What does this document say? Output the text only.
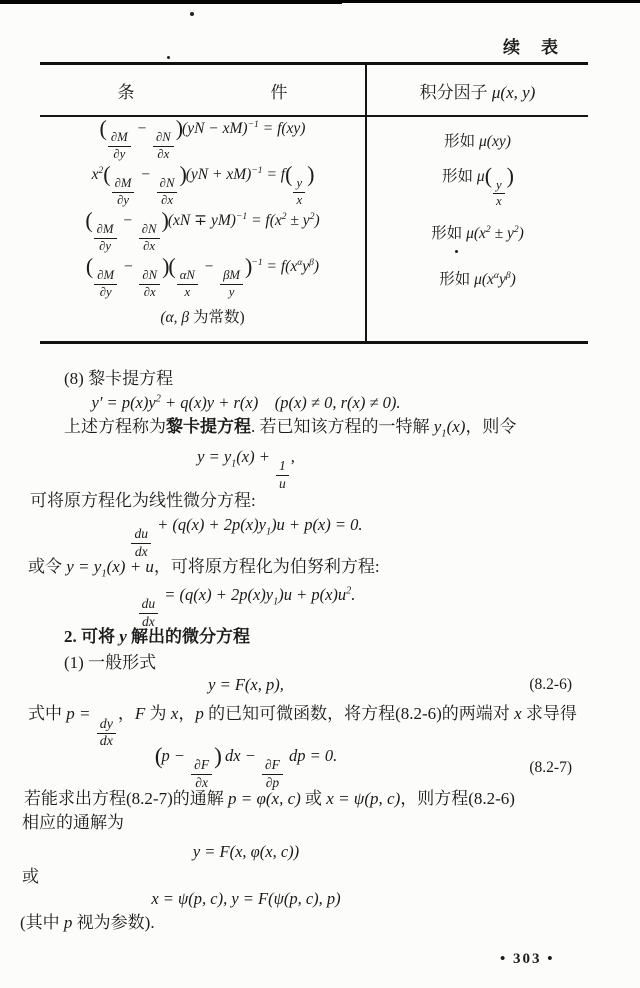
续　表
条　　　　　　　　件	积分因子 μ(x, y)
(
$\frac{\partial M}{\partial y}$
−
$\frac{\partial N}{\partial x}$
)(yN − xM)$^{-1}$ = f(xy)	形如 μ(xy)
$x^2$(
$\frac{\partial M}{\partial y}$
−
$\frac{\partial N}{\partial x}$
)(yN + xM)$^{-1}$ = f(
$\frac{y}{x}$
)	形如 μ(
$\frac{y}{x}$
)
(
$\frac{\partial M}{\partial y}$
−
$\frac{\partial N}{\partial x}$
)$(xN \mp yM)^{-1} = f(x^2 \pm y^2)$	形如 $\mu(x^2 \pm y^2)$
(
$\frac{\partial M}{\partial y}$
−
$\frac{\partial N}{\partial x}$
)(
$\frac{\alpha N}{x}$
−
$\frac{\beta M}{y}$
)$^{-1} = f(x^\alpha y^\beta)$	形如 $\mu(x^\alpha y^\beta)$
(α, β 为常数)	
(8) 黎卡提方程
$y' = p(x)y^2 + q(x)y + r(x)$　 (p(x) ≠ 0, r(x) ≠ 0).
上述方程称为黎卡提方程. 若已知该方程的一特解 $y_1(x)$，则令
$y = y_1(x)$ +
$\frac{1}{u}$
,
可将原方程化为线性微分方程:
$\frac{du}{dx}$
+ $(q(x) + 2p(x)y_1)u + p(x) = 0$.
或令 $y = y_1(x) + u$，可将原方程化为伯努利方程:
$\frac{du}{dx}$
= $(q(x) + 2p(x)y_1)u + p(x)u^2$.
2. 可将 y 解出的微分方程
(1) 一般形式
y = F(x, p),	(8.2-6)
式中 p =
$\frac{dy}{dx}$
，F 为 x，p 的已知可微函数，将方程(8.2-6)的两端对 x 求导得
(p −
$\frac{\partial F}{\partial x}$
) dx −
$\frac{\partial F}{\partial p}$
dp = 0.
(8.2-7)
若能求出方程(8.2-7)的通解 p = φ(x, c) 或 x = ψ(p, c)，则方程(8.2-6)
相应的通解为
y = F(x, φ(x, c))
或
x = ψ(p, c), y = F(ψ(p, c), p)
(其中 p 视为参数).
• 303 •
